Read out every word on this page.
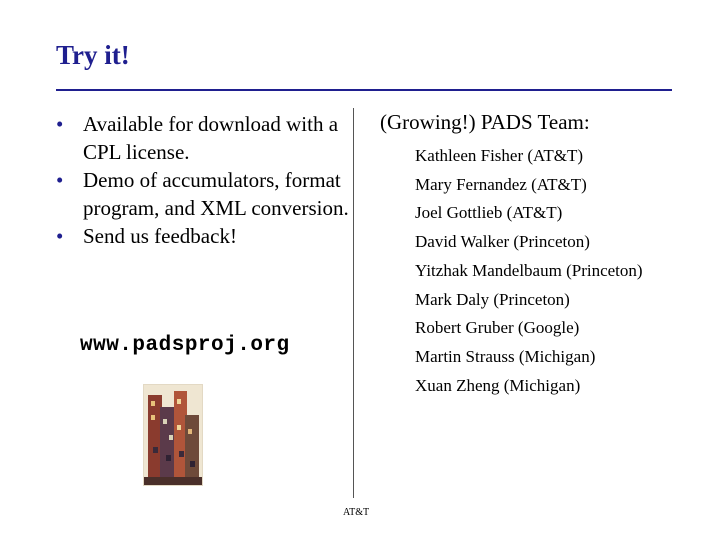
Try it!
• Available for download with a CPL license.
• Demo of accumulators, format program, and XML conversion.
• Send us feedback!

www.padsproj.org

(Growing!) PADS Team:

Kathleen Fisher (AT&T)
Mary Fernandez (AT&T)
Joel Gottlieb (AT&T)
David Walker (Princeton)
Yitzhak Mandelbaum (Princeton)
Mark Daly (Princeton)
Robert Gruber (Google)
Martin Strauss (Michigan)
Xuan Zheng (Michigan)

AT&T
